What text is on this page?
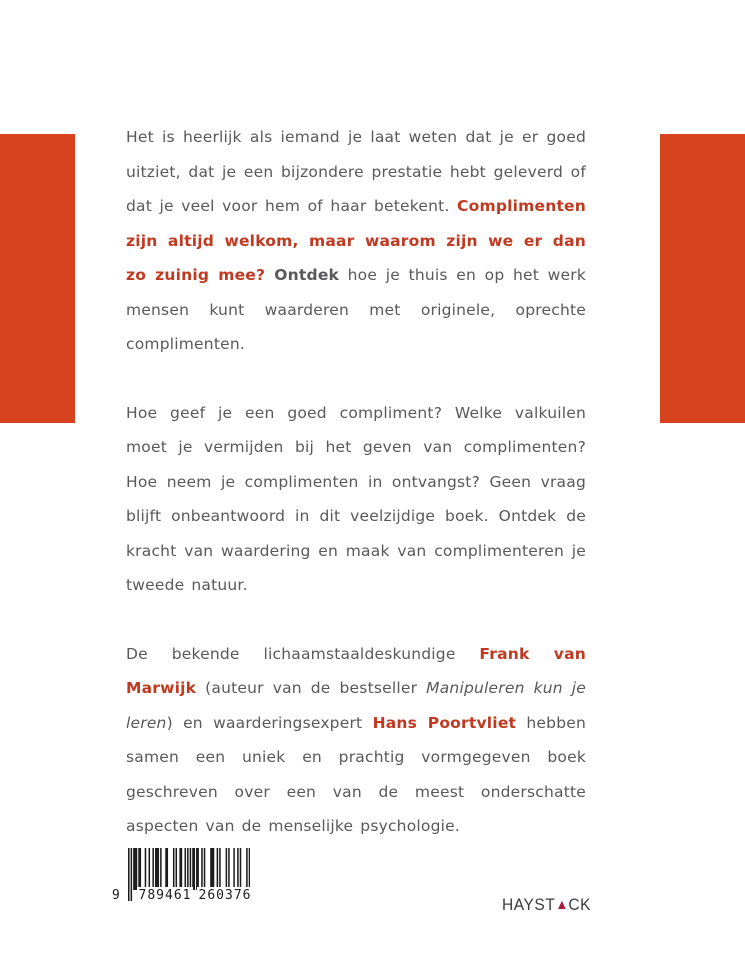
Het is heerlijk als iemand je laat weten dat je er goed uitziet, dat je een bijzondere prestatie hebt geleverd of dat je veel voor hem of haar betekent. Complimenten zijn altijd welkom, maar waarom zijn we er dan zo zuinig mee? Ontdek hoe je thuis en op het werk mensen kunt waarderen met originele, oprechte complimenten.

Hoe geef je een goed compliment? Welke valkuilen moet je vermijden bij het geven van complimenten? Hoe neem je complimenten in ontvangst? Geen vraag blijft onbeantwoord in dit veelzijdige boek. Ontdek de kracht van waardering en maak van complimenteren je tweede natuur.

De bekende lichaamstaaldeskundige Frank van Marwijk (auteur van de bestseller Manipuleren kun je leren) en waarderingsexpert Hans Poortvliet hebben samen een uniek en prachtig vormgegeven boek geschreven over een van de meest onderschatte aspecten van de menselijke psychologie.

9 789461 260376
HAYST▲CK
